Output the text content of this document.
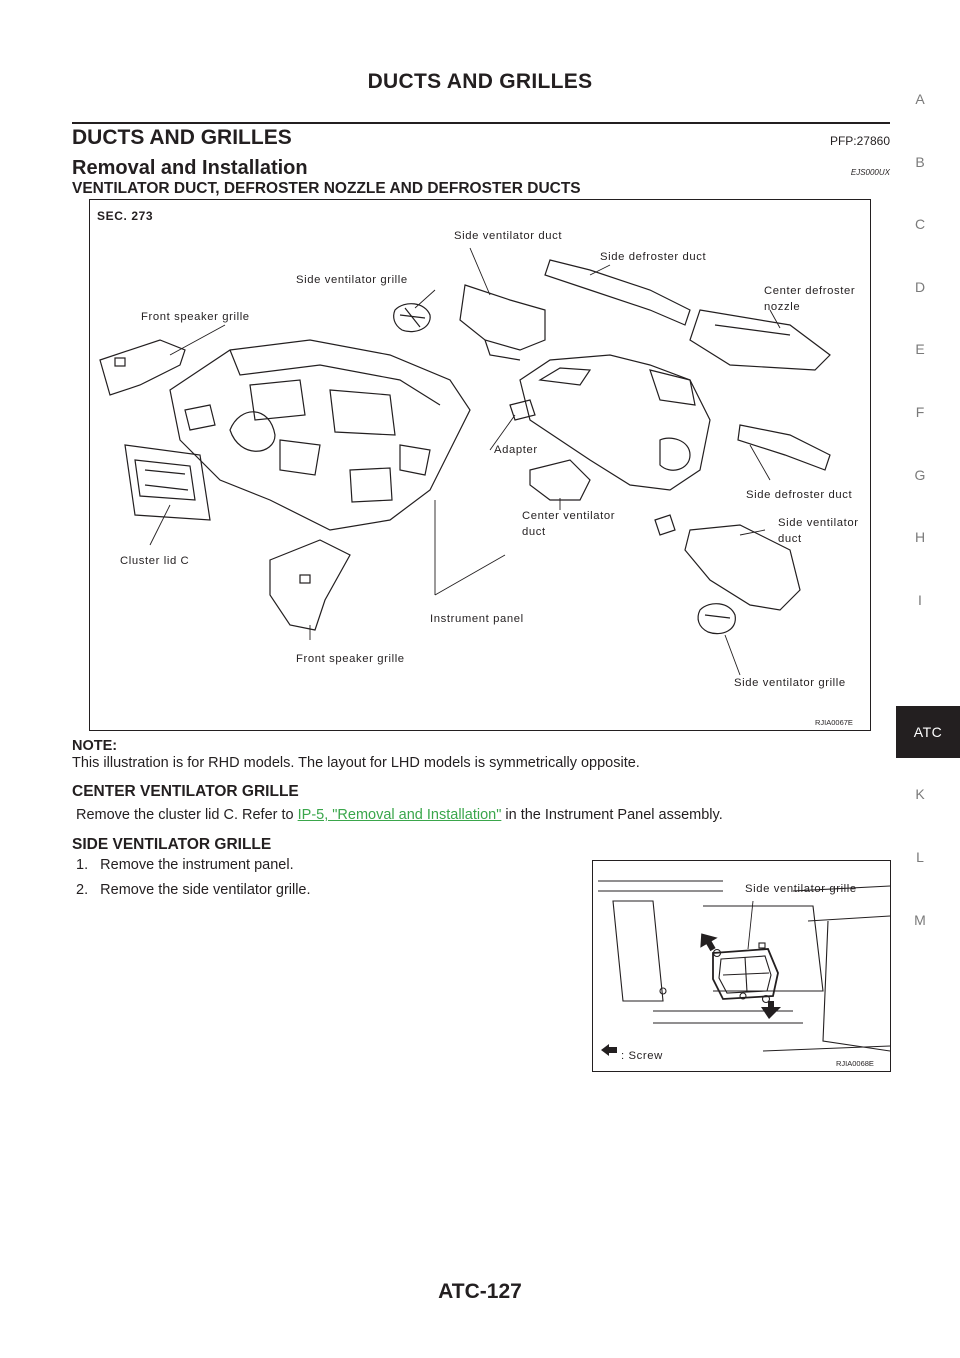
DUCTS AND GRILLES
DUCTS AND GRILLES	PFP:27860
Removal and Installation	EJS000UX
VENTILATOR DUCT, DEFROSTER NOZZLE AND DEFROSTER DUCTS
SEC. 273
Side ventilator duct
Side defroster duct
Side ventilator grille
Center defroster
nozzle
Front speaker grille
Adapter
Side defroster duct
Center ventilator
duct
Side ventilator
duct
Cluster lid C
Instrument panel
Front speaker grille
Side ventilator grille
RJIA0067E
NOTE:
This illustration is for RHD models. The layout for LHD models is symmetrically opposite.
CENTER VENTILATOR GRILLE
Remove the cluster lid C. Refer to IP-5, "Removal and Installation" in the Instrument Panel assembly.
SIDE VENTILATOR GRILLE
1.   Remove the instrument panel.
2.   Remove the side ventilator grille.	Side ventilator grille
: Screw
RJIA0068E
A
B
C
D
E
F
G
H
I
ATC
K
L
M
ATC-127
